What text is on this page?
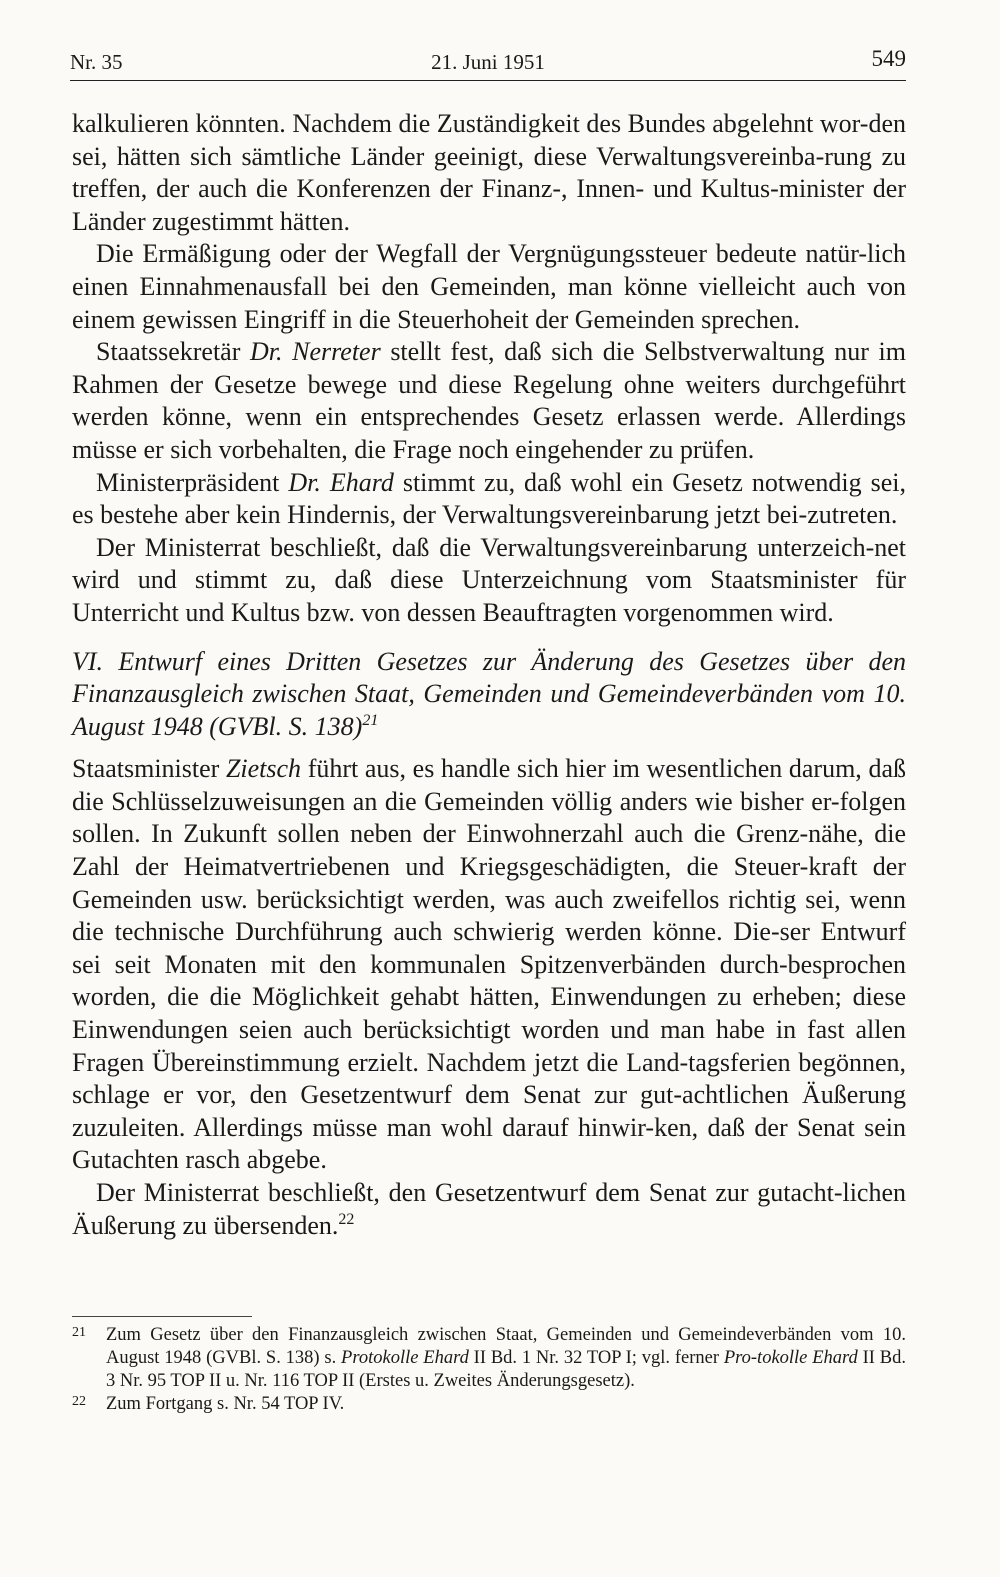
Nr. 35	21. Juni 1951	549

kalkulieren könnten. Nachdem die Zuständigkeit des Bundes abgelehnt wor-den sei, hätten sich sämtliche Länder geeinigt, diese Verwaltungsvereinba-rung zu treffen, der auch die Konferenzen der Finanz-, Innen- und Kultus-minister der Länder zugestimmt hätten.

Die Ermäßigung oder der Wegfall der Vergnügungssteuer bedeute natür-lich einen Einnahmenausfall bei den Gemeinden, man könne vielleicht auch von einem gewissen Eingriff in die Steuerhoheit der Gemeinden sprechen.

Staatssekretär Dr. Nerreter stellt fest, daß sich die Selbstverwaltung nur im Rahmen der Gesetze bewege und diese Regelung ohne weiters durchgeführt werden könne, wenn ein entsprechendes Gesetz erlassen werde. Allerdings müsse er sich vorbehalten, die Frage noch eingehender zu prüfen.

Ministerpräsident Dr. Ehard stimmt zu, daß wohl ein Gesetz notwendig sei, es bestehe aber kein Hindernis, der Verwaltungsvereinbarung jetzt bei-zutreten.

Der Ministerrat beschließt, daß die Verwaltungsvereinbarung unterzeich-net wird und stimmt zu, daß diese Unterzeichnung vom Staatsminister für Unterricht und Kultus bzw. von dessen Beauftragten vorgenommen wird.

VI. Entwurf eines Dritten Gesetzes zur Änderung des Gesetzes über den Finanzausgleich zwischen Staat, Gemeinden und Gemeindeverbänden vom 10. August 1948 (GVBl. S. 138)$^{21}$

Staatsminister Zietsch führt aus, es handle sich hier im wesentlichen darum, daß die Schlüsselzuweisungen an die Gemeinden völlig anders wie bisher er-folgen sollen. In Zukunft sollen neben der Einwohnerzahl auch die Grenz-nähe, die Zahl der Heimatvertriebenen und Kriegsgeschädigten, die Steuer-kraft der Gemeinden usw. berücksichtigt werden, was auch zweifellos richtig sei, wenn die technische Durchführung auch schwierig werden könne. Die-ser Entwurf sei seit Monaten mit den kommunalen Spitzenverbänden durch-besprochen worden, die die Möglichkeit gehabt hätten, Einwendungen zu erheben; diese Einwendungen seien auch berücksichtigt worden und man habe in fast allen Fragen Übereinstimmung erzielt. Nachdem jetzt die Land-tagsferien begönnen, schlage er vor, den Gesetzentwurf dem Senat zur gut-achtlichen Äußerung zuzuleiten. Allerdings müsse man wohl darauf hinwir-ken, daß der Senat sein Gutachten rasch abgebe.

Der Ministerrat beschließt, den Gesetzentwurf dem Senat zur gutacht-lichen Äußerung zu übersenden.$^{22}$

21 Zum Gesetz über den Finanzausgleich zwischen Staat, Gemeinden und Gemeindeverbänden vom 10. August 1948 (GVBl. S. 138) s. Protokolle Ehard II Bd. 1 Nr. 32 TOP I; vgl. ferner Pro-tokolle Ehard II Bd. 3 Nr. 95 TOP II u. Nr. 116 TOP II (Erstes u. Zweites Änderungsgesetz).
22 Zum Fortgang s. Nr. 54 TOP IV.
